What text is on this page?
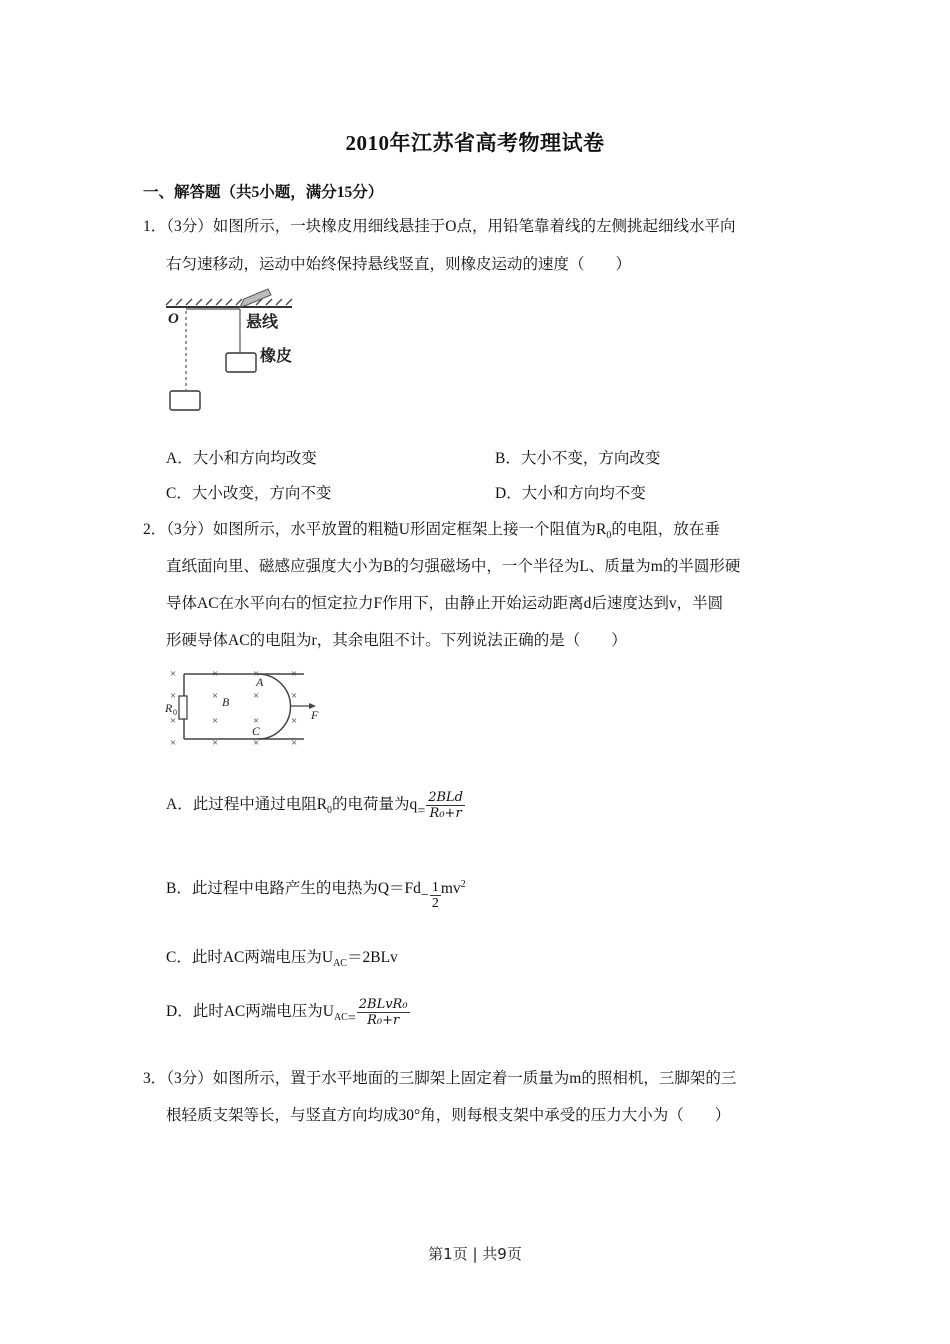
2010年江苏省高考物理试卷
一、解答题（共5小题，满分15分）
1．（3分）如图所示，一块橡皮用细线悬挂于O点，用铅笔靠着线的左侧挑起细线水平向
右匀速移动，运动中始终保持悬线竖直，则橡皮运动的速度（　　）
O	悬线
橡皮
A．大小和方向均改变	B．大小不变，方向改变
C．大小改变，方向不变	D．大小和方向均不变
2．（3分）如图所示，水平放置的粗糙U形固定框架上接一个阻值为$R_0$的电阻，放在垂
直纸面向里、磁感应强度大小为B的匀强磁场中，一个半径为L、质量为m的半圆形硬
导体AC在水平向右的恒定拉力F作用下，由静止开始运动距离d后速度达到v，半圆
形硬导体AC的电阻为r，其余电阻不计。下列说法正确的是（　　）
×	×	×	×
×	×	×	×
×	×	×	×
×	×	×	×
R 0
A
B
C
F
A．此过程中通过电阻$R_0$的电荷量为$q= \frac{\text{2BLd}}{\text{R₀+r}}$
B．此过程中电路产生的电热为$Q=Fd- \frac{1}{2} mv^2$
C．此时AC两端电压为$U_{AC}=2BLv$
D．此时AC两端电压为$U_{AC}= \frac{\text{2BLvR₀}}{\text{R₀+r}}$
3．（3分）如图所示，置于水平地面的三脚架上固定着一质量为m的照相机，三脚架的三
根轻质支架等长，与竖直方向均成30°角，则每根支架中承受的压力大小为（　　）
第1页 | 共9页
